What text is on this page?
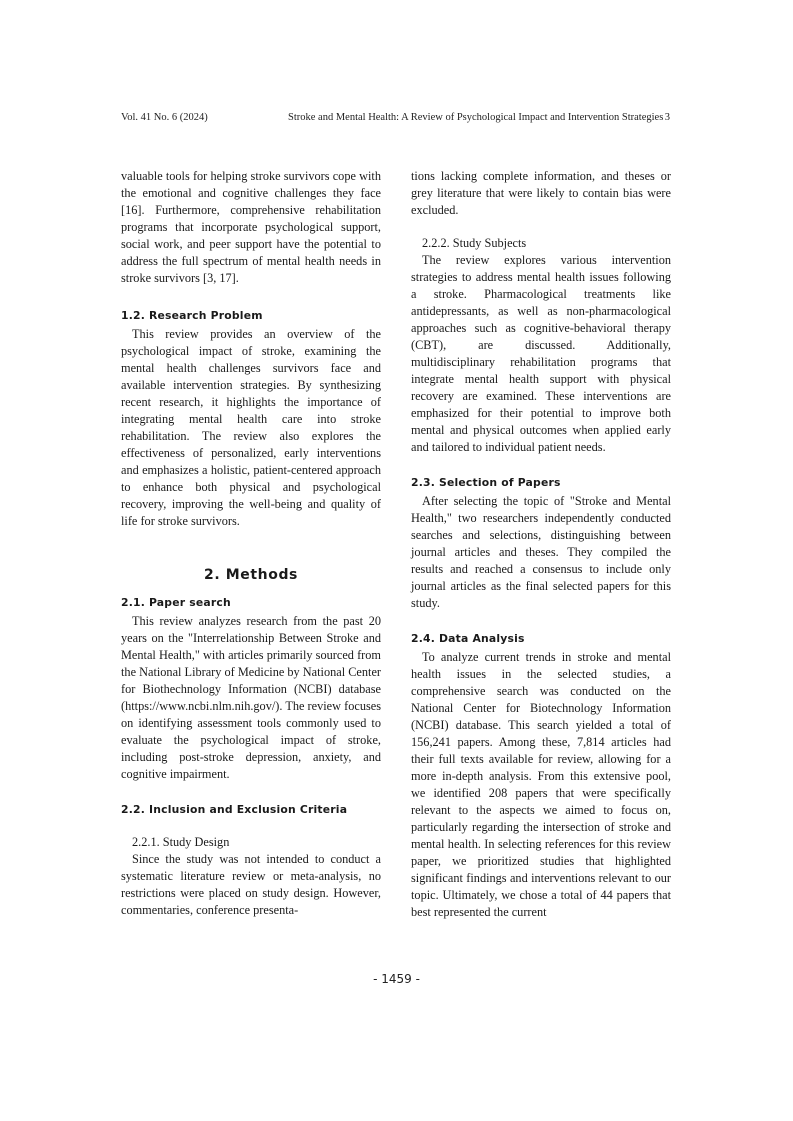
Vol. 41 No. 6 (2024)	Stroke and Mental Health: A Review of Psychological Impact and Intervention Strategies 3

valuable tools for helping stroke survivors cope with the emotional and cognitive challenges they face [16]. Furthermore, comprehensive rehabilitation programs that incorporate psychological support, social work, and peer support have the potential to address the full spectrum of mental health needs in stroke survivors [3, 17].

1.2. Research Problem

This review provides an overview of the psychological impact of stroke, examining the mental health challenges survivors face and available intervention strategies. By synthesizing recent research, it highlights the importance of integrating mental health care into stroke rehabilitation. The review also explores the effectiveness of personalized, early interventions and emphasizes a holistic, patient-centered approach to enhance both physical and psychological recovery, improving the well-being and quality of life for stroke survivors.

2. Methods
2.1. Paper search

This review analyzes research from the past 20 years on the "Interrelationship Between Stroke and Mental Health," with articles primarily sourced from the National Library of Medicine by National Center for Biothechnology Information (NCBI) database (https://www.ncbi.nlm.nih.gov/). The review focuses on identifying assessment tools commonly used to evaluate the psychological impact of stroke, including post-stroke depression, anxiety, and cognitive impairment.

2.2. Inclusion and Exclusion Criteria
2.2.1. Study Design

Since the study was not intended to conduct a systematic literature review or meta-analysis, no restrictions were placed on study design. However, commentaries, conference presenta-

tions lacking complete information, and theses or grey literature that were likely to contain bias were excluded.

2.2.2. Study Subjects

The review explores various intervention strategies to address mental health issues following a stroke. Pharmacological treatments like antidepressants, as well as non-pharmacological approaches such as cognitive-behavioral therapy (CBT), are discussed. Additionally, multidisciplinary rehabilitation programs that integrate mental health support with physical recovery are examined. These interventions are emphasized for their potential to improve both mental and physical outcomes when applied early and tailored to individual patient needs.

2.3. Selection of Papers

After selecting the topic of "Stroke and Mental Health," two researchers independently conducted searches and selections, distinguishing between journal articles and theses. They compiled the results and reached a consensus to include only journal articles as the final selected papers for this study.

2.4. Data Analysis

To analyze current trends in stroke and mental health issues in the selected studies, a comprehensive search was conducted on the National Center for Biotechnology Information (NCBI) database. This search yielded a total of 156,241 papers. Among these, 7,814 articles had their full texts available for review, allowing for a more in-depth analysis. From this extensive pool, we identified 208 papers that were specifically relevant to the aspects we aimed to focus on, particularly regarding the intersection of stroke and mental health. In selecting references for this review paper, we prioritized studies that highlighted significant findings and interventions relevant to our topic. Ultimately, we chose a total of 44 papers that best represented the current

- 1459 -
